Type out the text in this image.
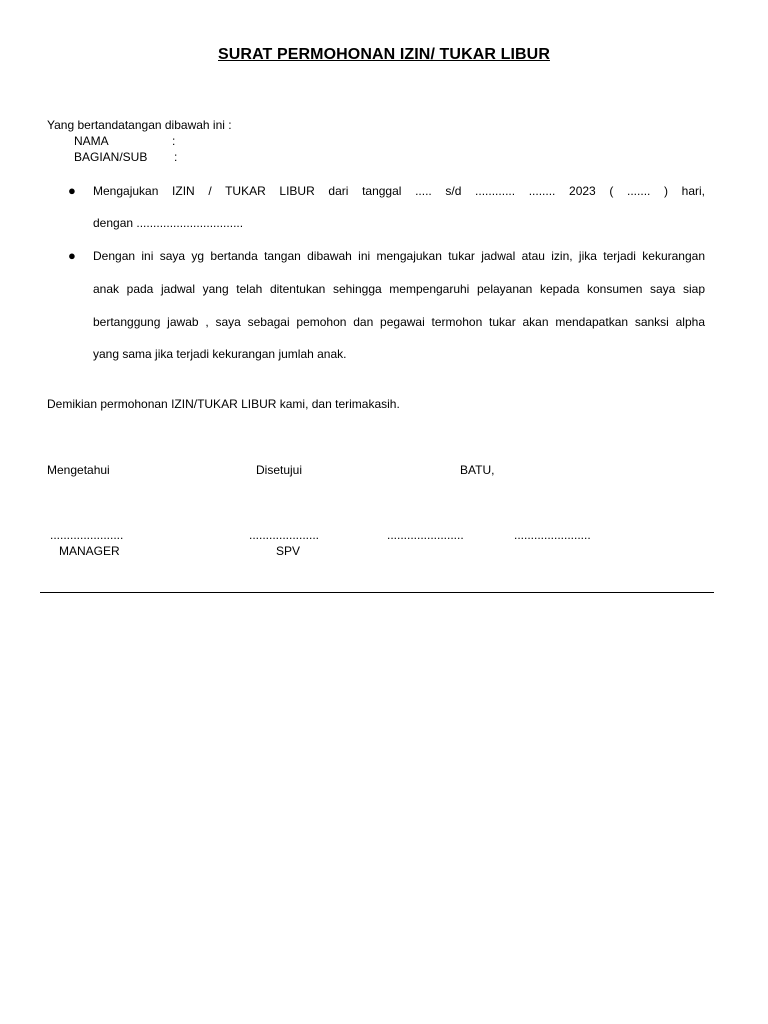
SURAT PERMOHONAN IZIN/ TUKAR LIBUR
Yang bertandatangan dibawah ini :
NAMA	:
BAGIAN/SUB :
● Mengajukan IZIN / TUKAR LIBUR dari tanggal ..... s/d ............ ........ 2023 ( ....... ) hari,
dengan ................................
● Dengan ini saya yg bertanda tangan dibawah ini mengajukan tukar jadwal atau izin, jika terjadi kekurangan
anak pada jadwal yang telah ditentukan sehingga mempengaruhi pelayanan kepada konsumen saya siap
bertanggung jawab , saya sebagai pemohon dan pegawai termohon tukar akan mendapatkan sanksi alpha
yang sama jika terjadi kekurangan jumlah anak.
Demikian permohonan IZIN/TUKAR LIBUR kami, dan terimakasih.
Mengetahui	Disetujui	BATU,
......................	.....................	.......................	.......................
MANAGER	SPV
